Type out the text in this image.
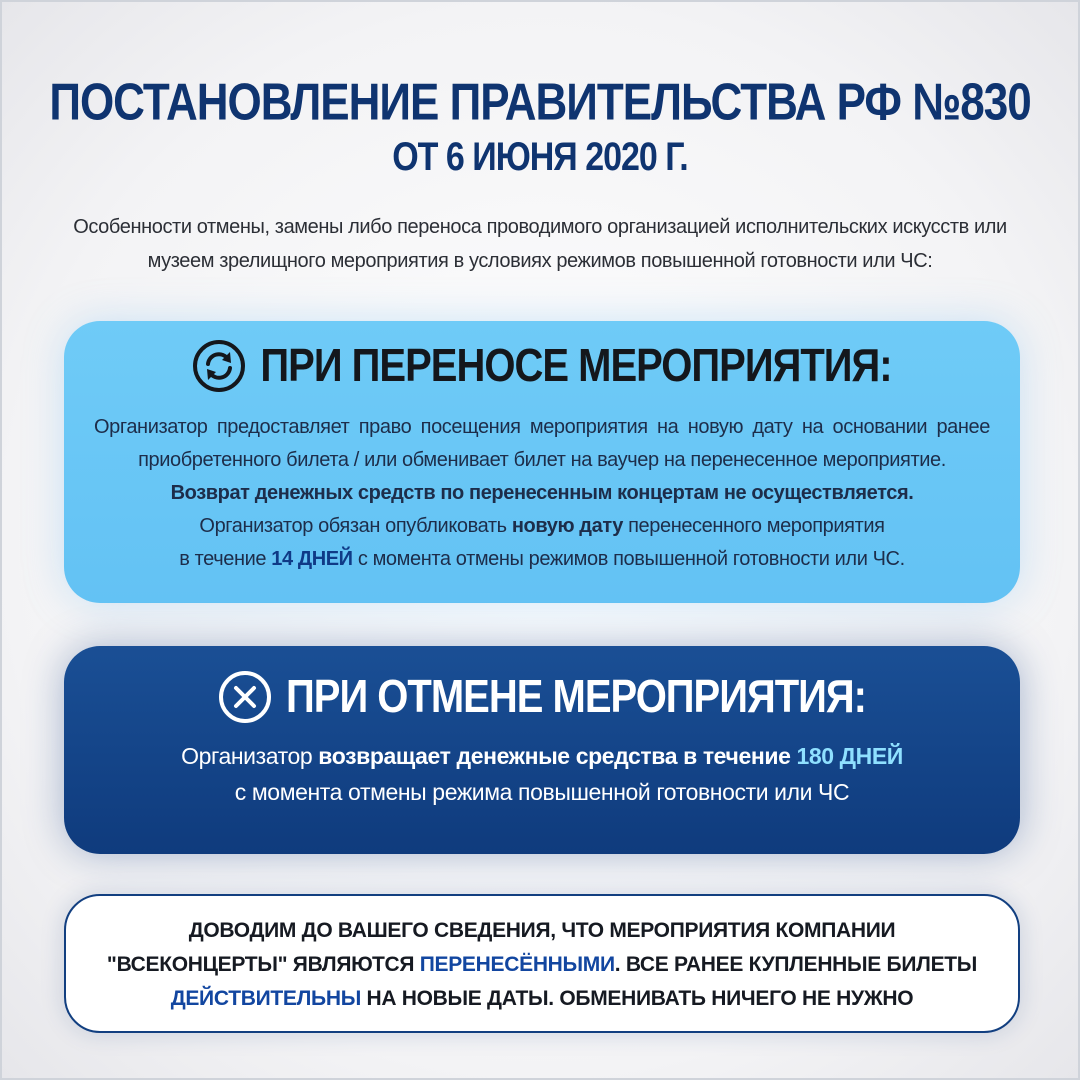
ПОСТАНОВЛЕНИЕ ПРАВИТЕЛЬСТВА РФ №830
ОТ 6 ИЮНЯ 2020 Г.
Особенности отмены, замены либо переноса проводимого организацией исполнительских искусств или
музеем зрелищного мероприятия в условиях режимов повышенной готовности или ЧС:
ПРИ ПЕРЕНОСЕ МЕРОПРИЯТИЯ:
Организатор предоставляет право посещения мероприятия на новую дату на основании ранее
приобретенного билета / или обменивает билет на ваучер на перенесенное мероприятие.
Возврат денежных средств по перенесенным концертам не осуществляется.
Организатор обязан опубликовать новую дату перенесенного мероприятия
в течение 14 ДНЕЙ с момента отмены режимов повышенной готовности или ЧС.
ПРИ ОТМЕНЕ МЕРОПРИЯТИЯ:
Организатор возвращает денежные средства в течение 180 ДНЕЙ
с момента отмены режима повышенной готовности или ЧС
ДОВОДИМ ДО ВАШЕГО СВЕДЕНИЯ, ЧТО МЕРОПРИЯТИЯ КОМПАНИИ
"ВСЕКОНЦЕРТЫ" ЯВЛЯЮТСЯ ПЕРЕНЕСЁННЫМИ. ВСЕ РАНЕЕ КУПЛЕННЫЕ БИЛЕТЫ
ДЕЙСТВИТЕЛЬНЫ НА НОВЫЕ ДАТЫ. ОБМЕНИВАТЬ НИЧЕГО НЕ НУЖНО
